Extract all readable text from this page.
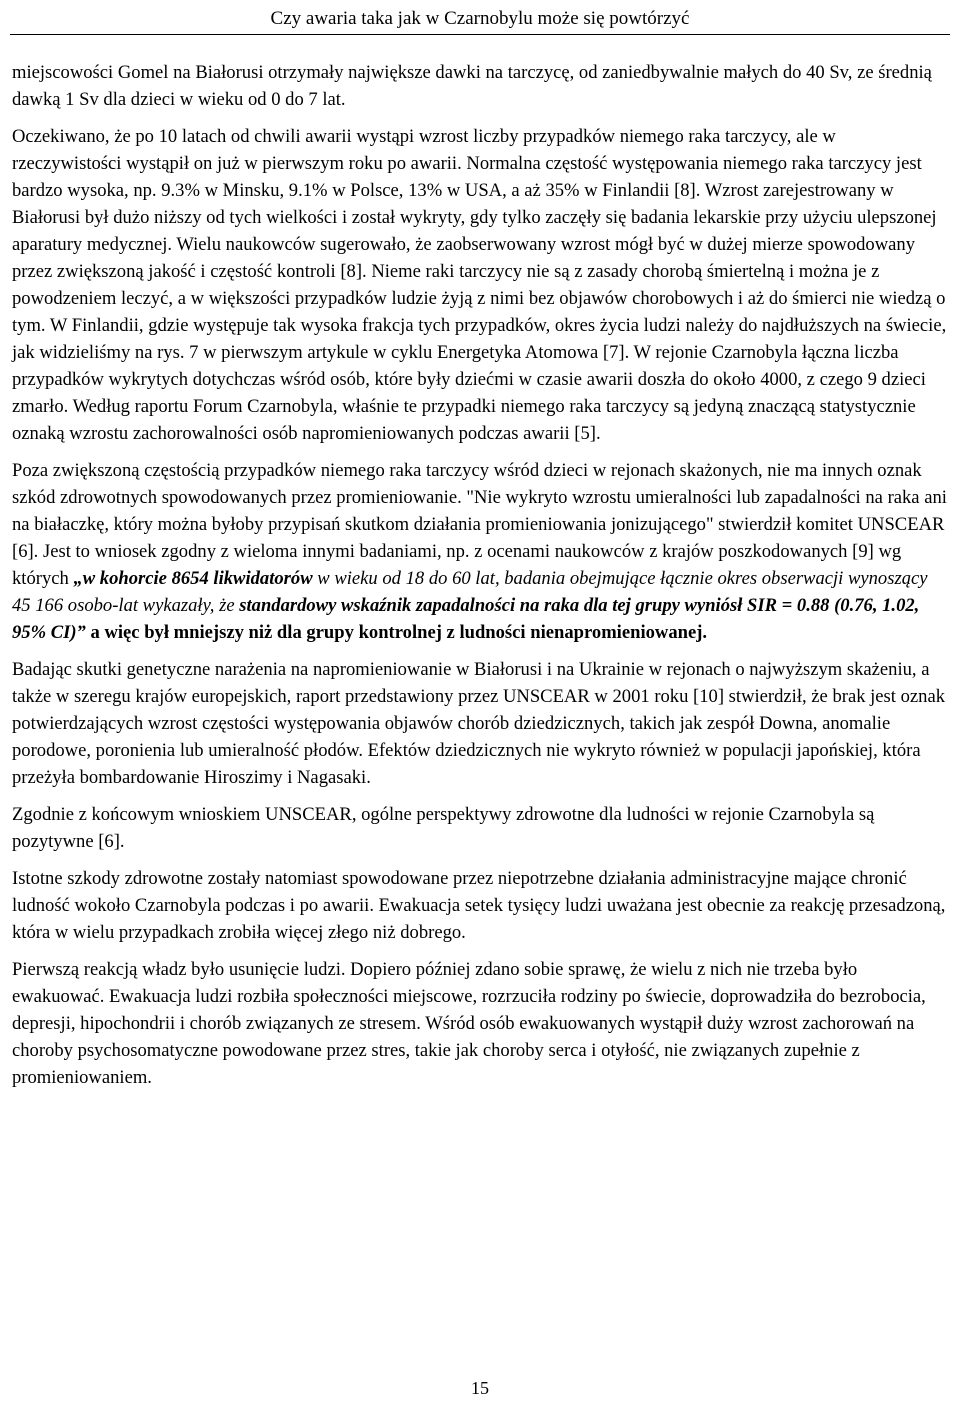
Czy awaria taka jak w Czarnobylu może się powtórzyć

miejscowości Gomel na Białorusi otrzymały największe dawki na tarczycę, od zaniedbywalnie małych do 40 Sv, ze średnią dawką 1 Sv dla dzieci w wieku od 0 do 7 lat.

Oczekiwano, że po 10 latach od chwili awarii wystąpi wzrost liczby przypadków niemego raka tarczycy, ale w rzeczywistości wystąpił on już w pierwszym roku po awarii. Normalna częstość występowania niemego raka tarczycy jest bardzo wysoka, np. 9.3% w Minsku, 9.1% w Polsce, 13% w USA, a aż 35% w Finlandii [8]. Wzrost zarejestrowany w Białorusi był dużo niższy od tych wielkości i został wykryty, gdy tylko zaczęły się badania lekarskie przy użyciu ulepszonej aparatury medycznej. Wielu naukowców sugerowało, że zaobserwowany wzrost mógł być w dużej mierze spowodowany przez zwiększoną jakość i częstość kontroli [8]. Nieme raki tarczycy nie są z zasady chorobą śmiertelną i można je z powodzeniem leczyć, a w większości przypadków ludzie żyją z nimi bez objawów chorobowych i aż do śmierci nie wiedzą o tym. W Finlandii, gdzie występuje tak wysoka frakcja tych przypadków, okres życia ludzi należy do najdłuższych na świecie, jak widzieliśmy na rys. 7 w pierwszym artykule w cyklu Energetyka Atomowa [7]. W rejonie Czarnobyla łączna liczba przypadków wykrytych dotychczas wśród osób, które były dziećmi w czasie awarii doszła do około 4000, z czego 9 dzieci zmarło. Według raportu Forum Czarnobyla, właśnie te przypadki niemego raka tarczycy są jedyną znaczącą statystycznie oznaką wzrostu zachorowalności osób napromieniowanych podczas awarii [5].

Poza zwiększoną częstością przypadków niemego raka tarczycy wśród dzieci w rejonach skażonych, nie ma innych oznak szkód zdrowotnych spowodowanych przez promieniowanie. "Nie wykryto wzrostu umieralności lub zapadalności na raka ani na białaczkę, który można byłoby przypisań skutkom działania promieniowania jonizującego" stwierdził komitet UNSCEAR [6]. Jest to wniosek zgodny z wieloma innymi badaniami, np. z ocenami naukowców z krajów poszkodowanych [9] wg których „w kohorcie 8654 likwidatorów w wieku od 18 do 60 lat, badania obejmujące łącznie okres obserwacji wynoszący 45 166 osobo-lat wykazały, że standardowy wskaźnik zapadalności na raka dla tej grupy wyniósł SIR = 0.88 (0.76, 1.02, 95% CI)” a więc był mniejszy niż dla grupy kontrolnej z ludności nienapromieniowanej.

Badając skutki genetyczne narażenia na napromieniowanie w Białorusi i na Ukrainie w rejonach o najwyższym skażeniu, a także w szeregu krajów europejskich, raport przedstawiony przez UNSCEAR w 2001 roku [10] stwierdził, że brak jest oznak potwierdzających wzrost częstości występowania objawów chorób dziedzicznych, takich jak zespół Downa, anomalie porodowe, poronienia lub umieralność płodów. Efektów dziedzicznych nie wykryto również w populacji japońskiej, która przeżyła bombardowanie Hiroszimy i Nagasaki.

Zgodnie z końcowym wnioskiem UNSCEAR, ogólne perspektywy zdrowotne dla ludności w rejonie Czarnobyla są pozytywne [6].

Istotne szkody zdrowotne zostały natomiast spowodowane przez niepotrzebne działania administracyjne mające chronić ludność wokoło Czarnobyla podczas i po awarii. Ewakuacja setek tysięcy ludzi uważana jest obecnie za reakcję przesadzoną, która w wielu przypadkach zrobiła więcej złego niż dobrego.

Pierwszą reakcją władz było usunięcie ludzi. Dopiero później zdano sobie sprawę, że wielu z nich nie trzeba było ewakuować. Ewakuacja ludzi rozbiła społeczności miejscowe, rozrzuciła rodziny po świecie, doprowadziła do bezrobocia, depresji, hipochondrii i chorób związanych ze stresem. Wśród osób ewakuowanych wystąpił duży wzrost zachorowań na choroby psychosomatyczne powodowane przez stres, takie jak choroby serca i otyłość, nie związanych zupełnie z promieniowaniem.

15
